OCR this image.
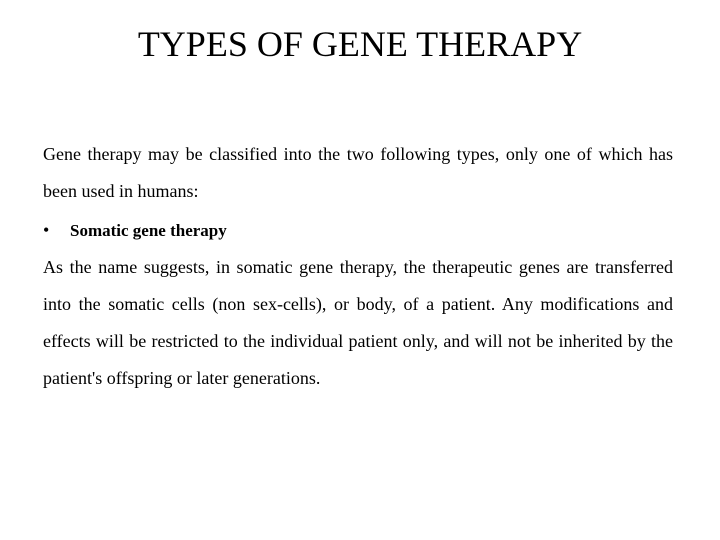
TYPES OF GENE THERAPY

Gene therapy may be classified into the two following types, only one of which has been used in humans:

•	Somatic gene therapy

As the name suggests, in somatic gene therapy, the therapeutic genes are transferred into the somatic cells (non sex-cells), or body, of a patient. Any modifications and effects will be restricted to the individual patient only, and will not be inherited by the patient's offspring or later generations.
